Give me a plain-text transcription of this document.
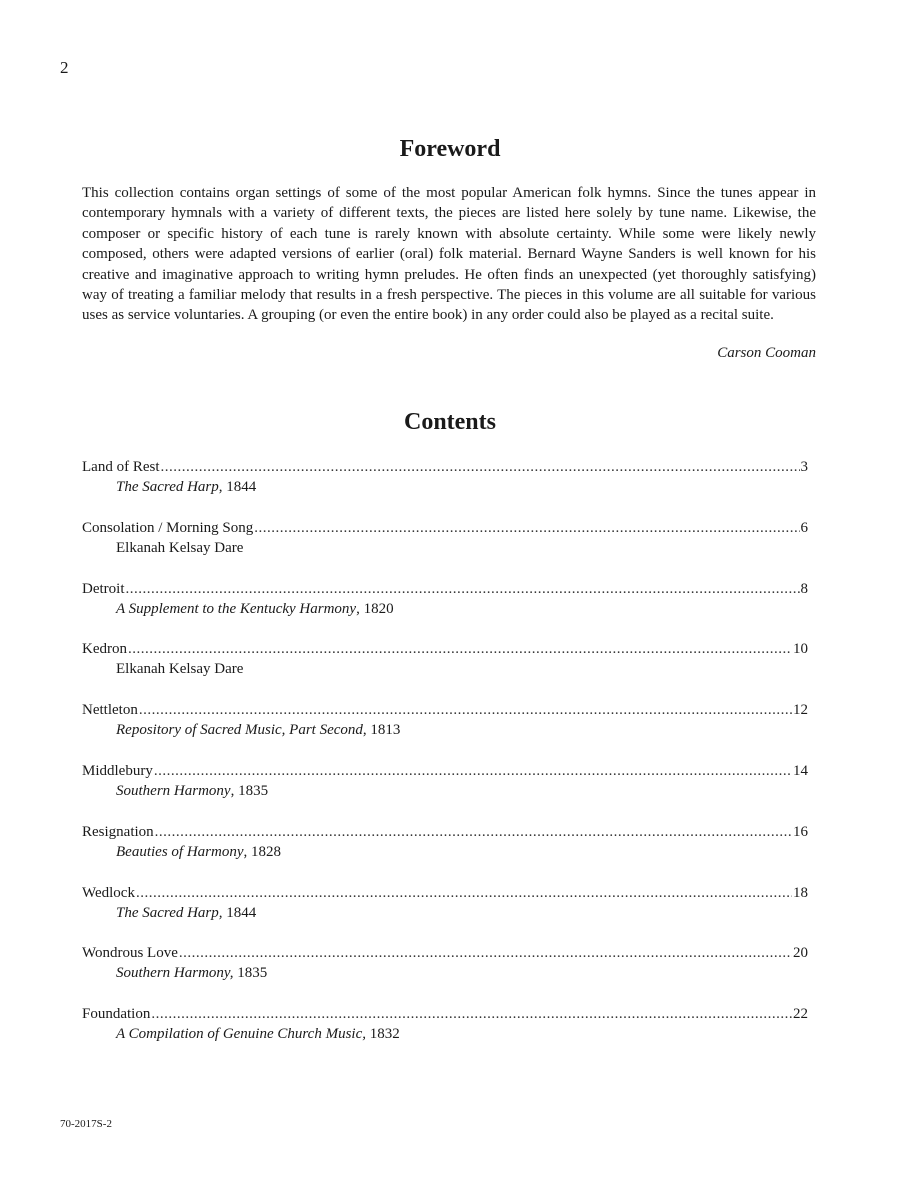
2
Foreword

This collection contains organ settings of some of the most popular American folk hymns. Since the tunes appear in contemporary hymnals with a variety of different texts, the pieces are listed here solely by tune name. Likewise, the composer or specific history of each tune is rarely known with absolute certainty. While some were likely newly composed, others were adapted versions of earlier (oral) folk material. Bernard Wayne Sanders is well known for his creative and imaginative approach to writing hymn preludes. He often finds an unexpected (yet thoroughly satisfying) way of treating a familiar melody that results in a fresh perspective. The pieces in this volume are all suitable for various uses as service voluntaries. A grouping (or even the entire book) in any order could also be played as a recital suite.

Carson Cooman
Contents
Land of Rest .....	3
The Sacred Harp, 1844
Consolation / Morning Song .....	6
Elkanah Kelsay Dare
Detroit .....	8
A Supplement to the Kentucky Harmony, 1820
Kedron .....	10
Elkanah Kelsay Dare
Nettleton .....	12
Repository of Sacred Music, Part Second, 1813
Middlebury .....	14
Southern Harmony, 1835
Resignation .....	16
Beauties of Harmony, 1828
Wedlock .....	18
The Sacred Harp, 1844
Wondrous Love .....	20
Southern Harmony, 1835
Foundation .....	22
A Compilation of Genuine Church Music, 1832
70-2017S-2
